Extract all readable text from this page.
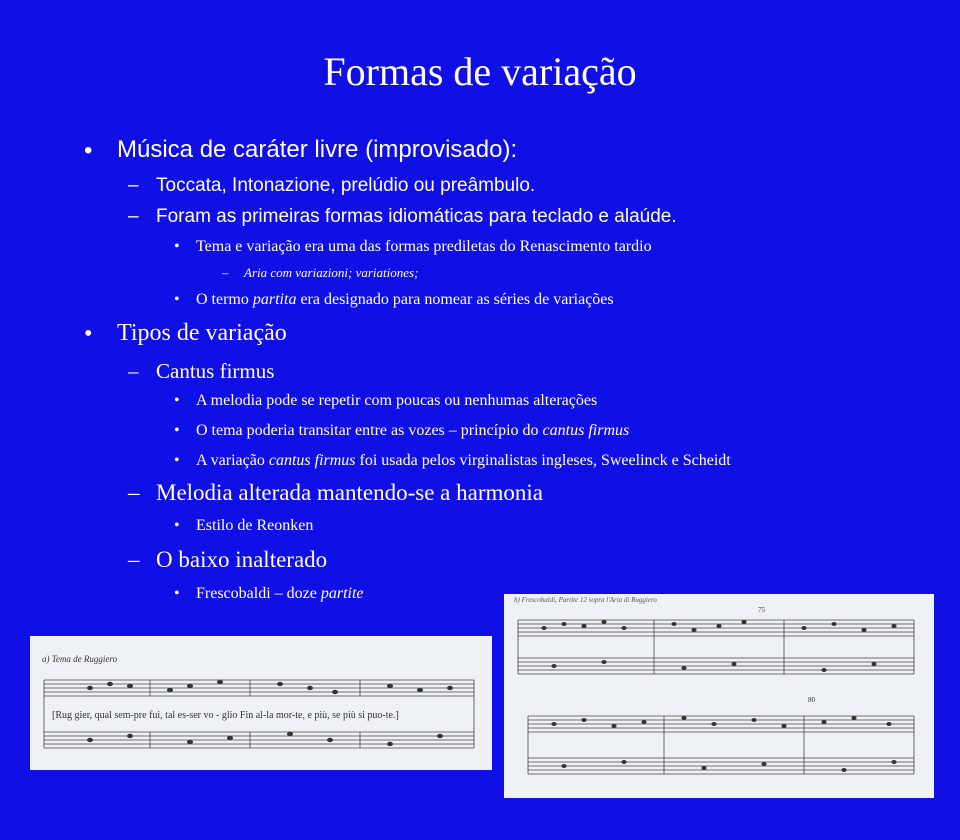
Formas de variação
• Música de caráter livre (improvisado):
– Toccata, Intonazione, prelúdio ou preâmbulo.
– Foram as primeiras formas idiomáticas para teclado e alaúde.
• Tema e variação era uma das formas prediletas do Renascimento tardio
– Aria com variazioni; variationes;
• O termo partita era designado para nomear as séries de variações
• Tipos de variação
– Cantus firmus
• A melodia pode se repetir com poucas ou nenhumas alterações
• O tema poderia transitar entre as vozes – princípio do cantus firmus
• A variação cantus firmus foi usada pelos virginalistas ingleses, Sweelinck e Scheidt
– Melodia alterada mantendo-se a harmonia
• Estilo de Reonken
– O baixo inalterado
• Frescobaldi – doze partite
a) Tema de Ruggiero
[Rug gier, qual sem-pre fui, tal es-ser vo - glio Fin al-la mor-te, e più, se più si puo-te.]
b) Frescobaldi, Partite 12 sopra l'Aria di Ruggiero
75
80
